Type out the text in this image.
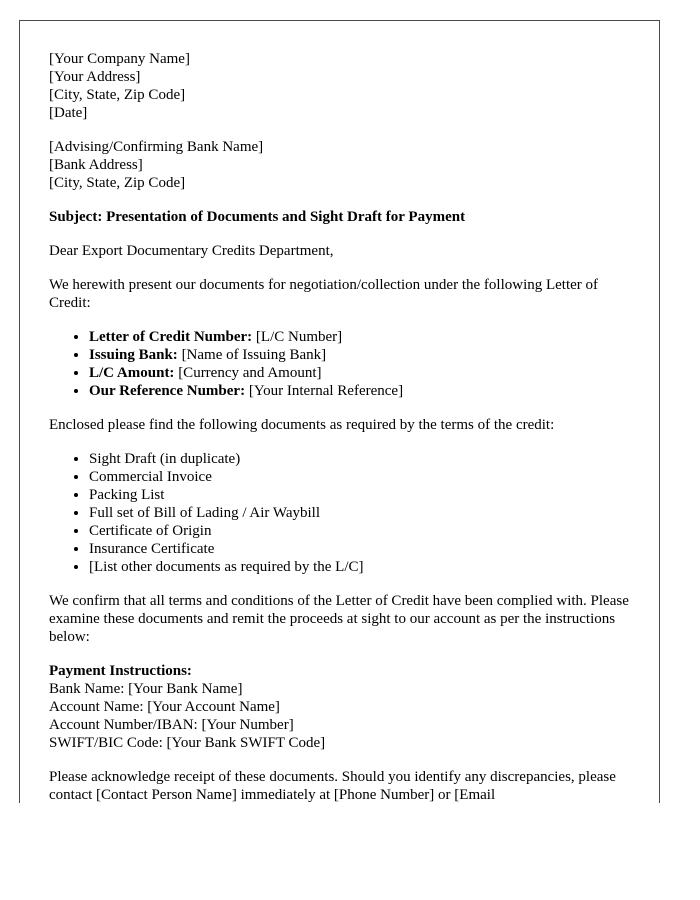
[Your Company Name]
[Your Address]
[City, State, Zip Code]
[Date]
[Advising/Confirming Bank Name]
[Bank Address]
[City, State, Zip Code]

Subject: Presentation of Documents and Sight Draft for Payment

Dear Export Documentary Credits Department,

We herewith present our documents for negotiation/collection under the following Letter of Credit:

• Letter of Credit Number: [L/C Number]
• Issuing Bank: [Name of Issuing Bank]
• L/C Amount: [Currency and Amount]
• Our Reference Number: [Your Internal Reference]

Enclosed please find the following documents as required by the terms of the credit:

• Sight Draft (in duplicate)
• Commercial Invoice
• Packing List
• Full set of Bill of Lading / Air Waybill
• Certificate of Origin
• Insurance Certificate
• [List other documents as required by the L/C]

We confirm that all terms and conditions of the Letter of Credit have been complied with. Please examine these documents and remit the proceeds at sight to our account as per the instructions below:

Payment Instructions:
Bank Name: [Your Bank Name]
Account Name: [Your Account Name]
Account Number/IBAN: [Your Number]
SWIFT/BIC Code: [Your Bank SWIFT Code]

Please acknowledge receipt of these documents. Should you identify any discrepancies, please contact [Contact Person Name] immediately at [Phone Number] or [Email
